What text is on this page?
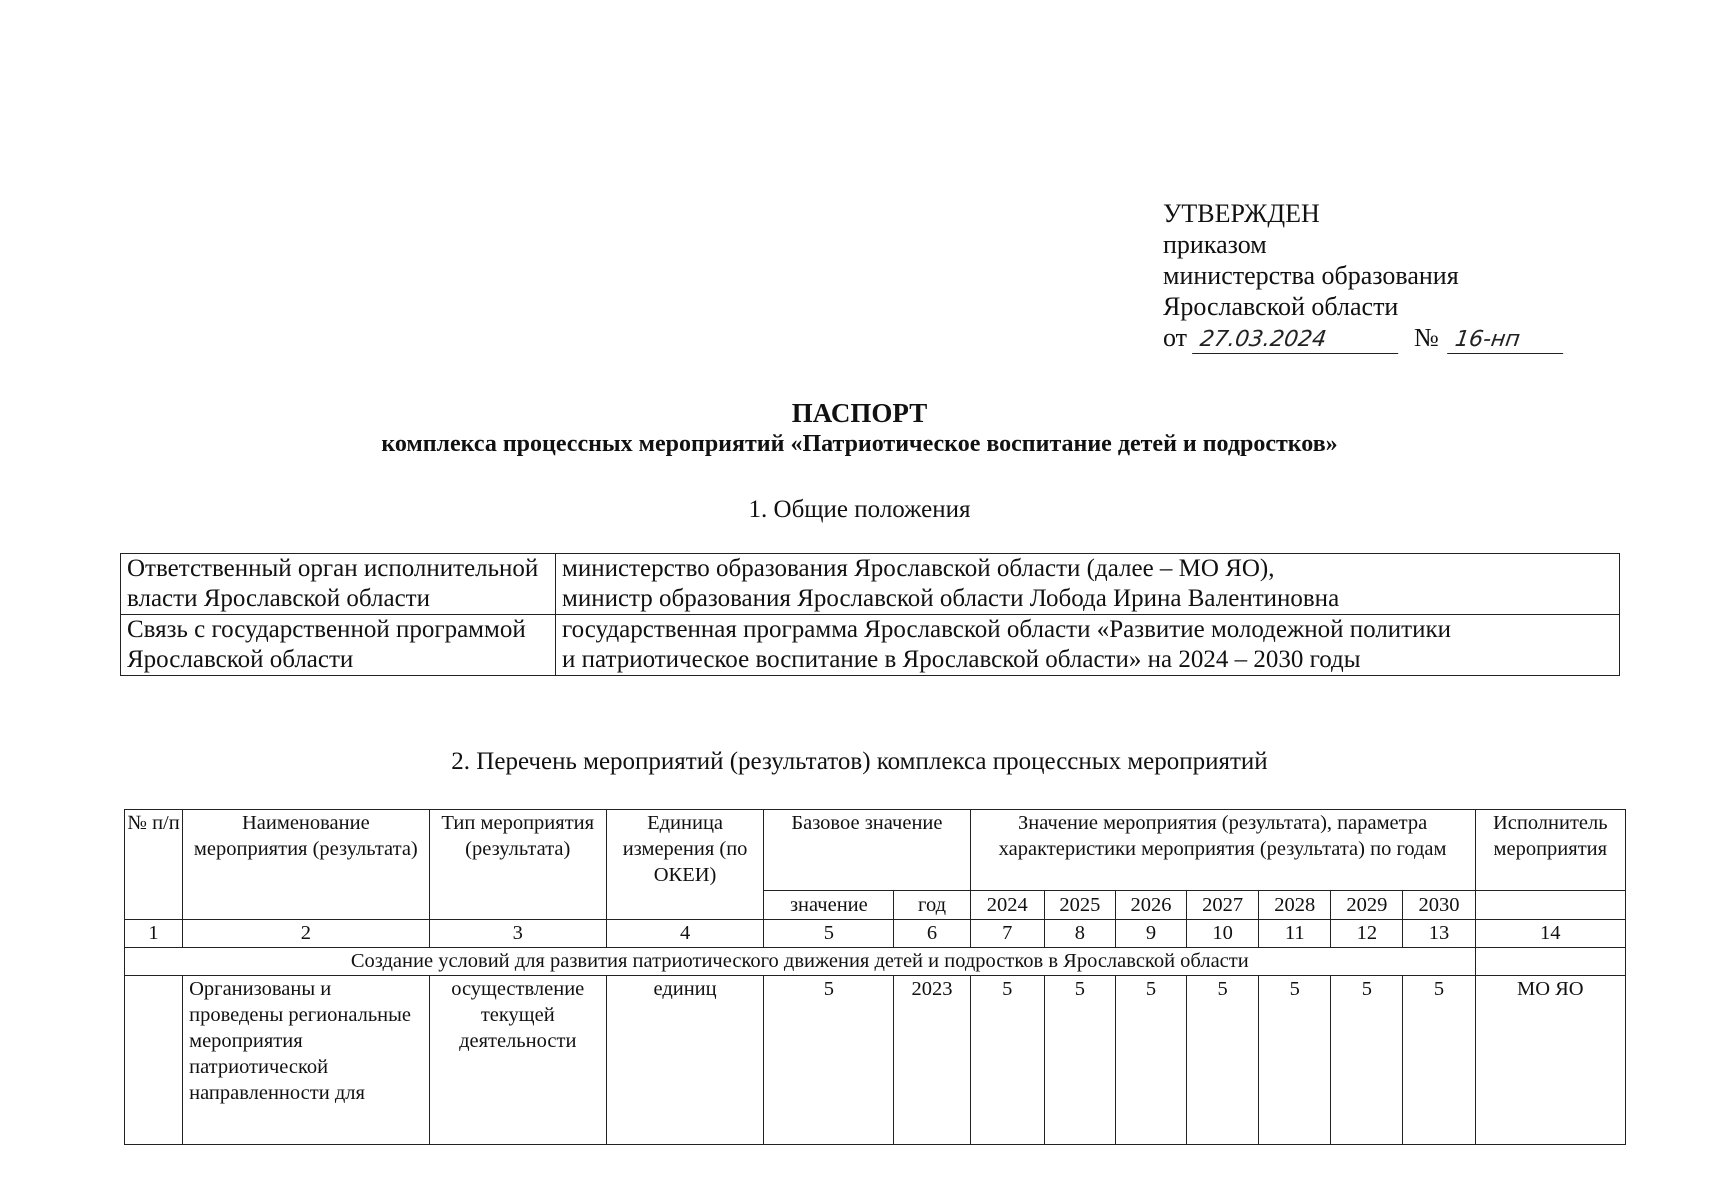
УТВЕРЖДЕН
приказом
министерства образования
Ярославской области
от 27.03.2024	№ 16-нп
ПАСПОРТ
комплекса процессных мероприятий «Патриотическое воспитание детей и подростков»
1. Общие положения
Ответственный орган исполнительной власти Ярославской области	министерство образования Ярославской области (далее – МО ЯО),
министр образования Ярославской области Лобода Ирина Валентиновна

Связь с государственной программой Ярославской области	государственная программа Ярославской области «Развитие молодежной политики
и патриотическое воспитание в Ярославской области» на 2024 – 2030 годы
2. Перечень мероприятий (результатов) комплекса процессных мероприятий
№ п/п	Наименование мероприятия (результата)	Тип мероприятия (результата)	Единица измерения (по ОКЕИ)	Базовое значение		Значение мероприятия (результата), параметра характеристики мероприятия (результата) по годам							Исполнитель мероприятия
				значение	год	2024	2025	2026	2027	2028	2029	2030	
1	2	3	4	5	6	7	8	9	10	11	12	13	14
Создание условий для развития патриотического движения детей и подростков в Ярославской области													
	Организованы и проведены региональные мероприятия патриотической направленности для	осуществление текущей деятельности	единиц	5	2023	5	5	5	5	5	5	5	МО ЯО
